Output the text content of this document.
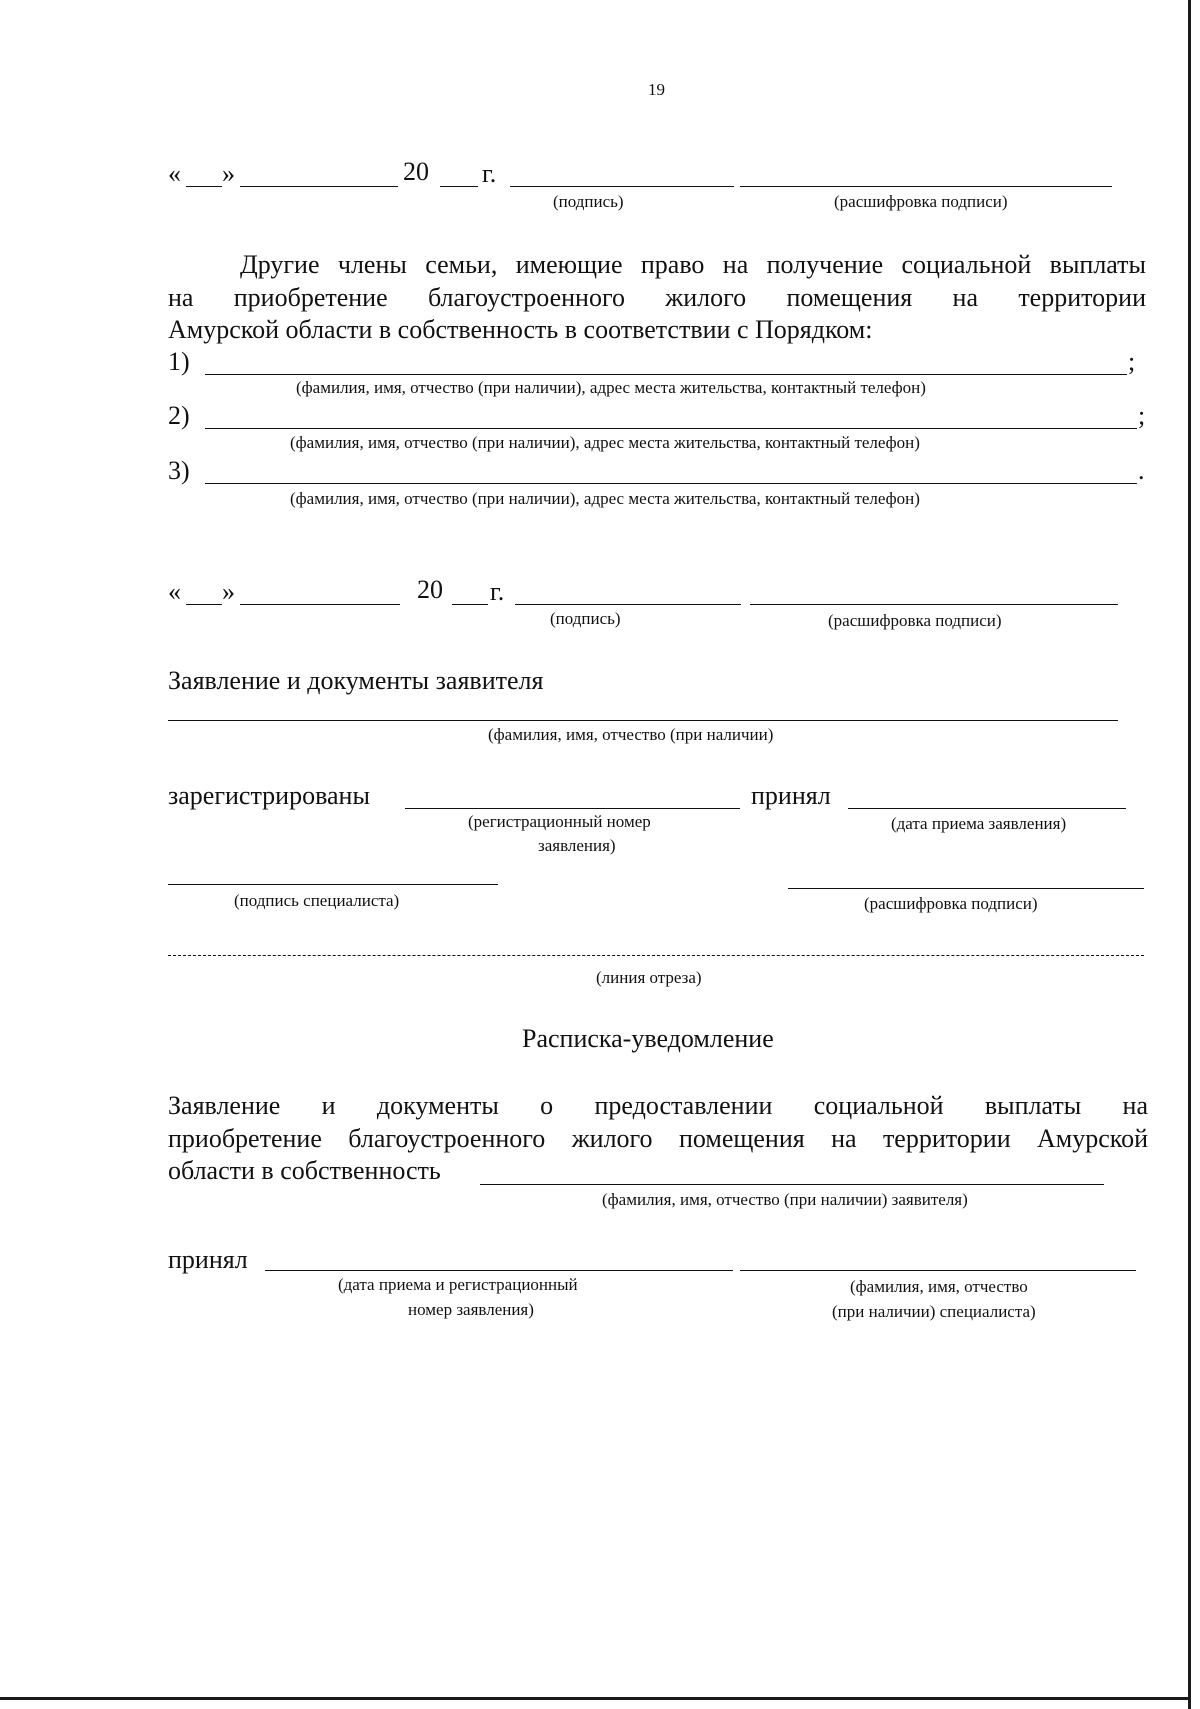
19
« »	20 г.
(подпись)	(расшифровка подписи)
Другие члены семьи, имеющие право на получение социальной выплаты
на приобретение благоустроенного жилого помещения на территории
Амурской области в собственность в соответствии с Порядком:
1)	;
(фамилия, имя, отчество (при наличии), адрес места жительства, контактный телефон)
2)	;
(фамилия, имя, отчество (при наличии), адрес места жительства, контактный телефон)
3)	.
(фамилия, имя, отчество (при наличии), адрес места жительства, контактный телефон)
« »	20 г.
(подпись)	(расшифровка подписи)
Заявление и документы заявителя
(фамилия, имя, отчество (при наличии)
зарегистрированы
(регистрационный номер
заявления)
принял
(дата приема заявления)
(подпись специалиста)	(расшифровка подписи)
(линия отреза)
Расписка-уведомление
Заявление и документы о предоставлении социальной выплаты на
приобретение благоустроенного жилого помещения на территории Амурской
области в собственность
(фамилия, имя, отчество (при наличии) заявителя)
принял
(дата приема и регистрационный
номер заявления)
(фамилия, имя, отчество
(при наличии) специалиста)
